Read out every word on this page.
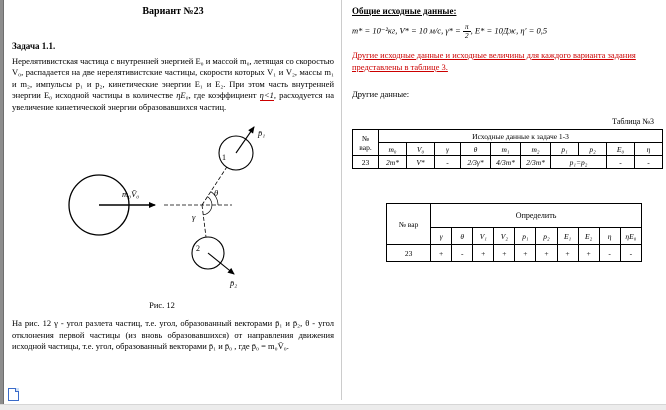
Вариант №23
Задача 1.1.
Нерелятивистская частица с внутренней энергией E₀ и массой m₀, летящая со скоростью V₀, распадается на две нерелятивистские частицы, скорости которых V₁ и V₂, массы m₁ и m₂, импульсы p₁ и p₂, кинетические энергии E₁ и E₂. При этом часть внутренней энергии E₀ исходной частицы в количестве ηE₀, где коэффициент η<1, расходуется на увеличение кинетической энергии образовавшихся частиц.
m₀V̄₀
1
2
p̄₁
p̄₂
θ
γ
Рис. 12
На рис. 12 γ - угол разлета частиц, т.е. угол, образованный векторами p̄₁ и p̄₂, θ - угол отклонения первой частицы (из вновь образовавшихся) от направления движения исходной частицы, т.е. угол, образованный векторами p̄₁ и p̄₀ , где p̄₀ = m₀V̄₀.
Общие исходные данные:
m* = 10⁻²кг, V* = 10 м/с, $\gamma* = \frac{\pi}{2}$ , E* = 10Дж, η′ = 0,5
Другие исходные данные и исходные величины для каждого варианта задания представлены в таблице 3.
Другие данные:
Таблица №3
№
вар.	Исходные данные к задаче 1-3									
	m₀	V₀	γ	θ	m₁	m₂	p₁	p₂	E₀	η
23	2m*	V*	-	2/3γ*	4/3m*	2/3m*	p₁=p₂		-	-
№ вар	Определить									
	γ	θ	V₁	V₂	p₁	p₂	E₁	E₂	η	ηE₀
23	+	-	+	+	+	+	+	+	-	-
